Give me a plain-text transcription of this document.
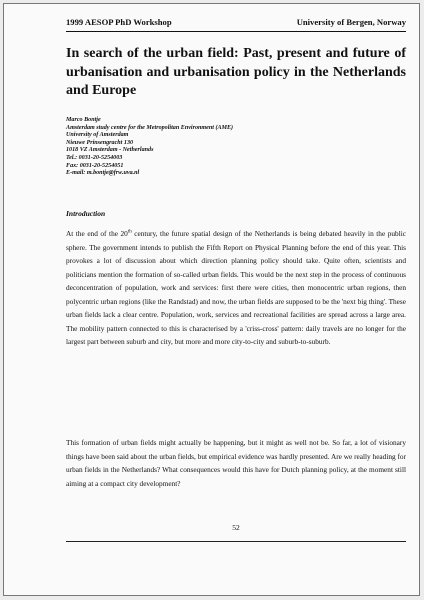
1999 AESOP PhD Workshop	University of Bergen, Norway
In search of the urban field: Past, present and future of urbanisation and urbanisation policy in the Netherlands and Europe
Marco Bontje
Amsterdam study centre for the Metropolitan Environment (AME)
University of Amsterdam
Nieuwe Prinsengracht 130
1018 VZ Amsterdam - Netherlands
Tel.: 0031-20-5254003
Fax: 0031-20-5254051
E-mail: m.bontje@frw.uva.nl
Introduction
At the end of the 20th century, the future spatial design of the Netherlands is being debated heavily in the public sphere. The government intends to publish the Fifth Report on Physical Planning before the end of this year. This provokes a lot of discussion about which direction planning policy should take. Quite often, scientists and politicians mention the formation of so-called urban fields. This would be the next step in the process of continuous deconcentration of population, work and services: first there were cities, then monocentric urban regions, then polycentric urban regions (like the Randstad) and now, the urban fields are supposed to be the 'next big thing'. These urban fields lack a clear centre. Population, work, services and recreational facilities are spread across a large area. The mobility pattern connected to this is characterised by a 'criss-cross' pattern: daily travels are no longer for the largest part between suburb and city, but more and more city-to-city and suburb-to-suburb.
This formation of urban fields might actually be happening, but it might as well not be. So far, a lot of visionary things have been said about the urban fields, but empirical evidence was hardly presented. Are we really heading for urban fields in the Netherlands? What consequences would this have for Dutch planning policy, at the moment still aiming at a compact city development?
52
